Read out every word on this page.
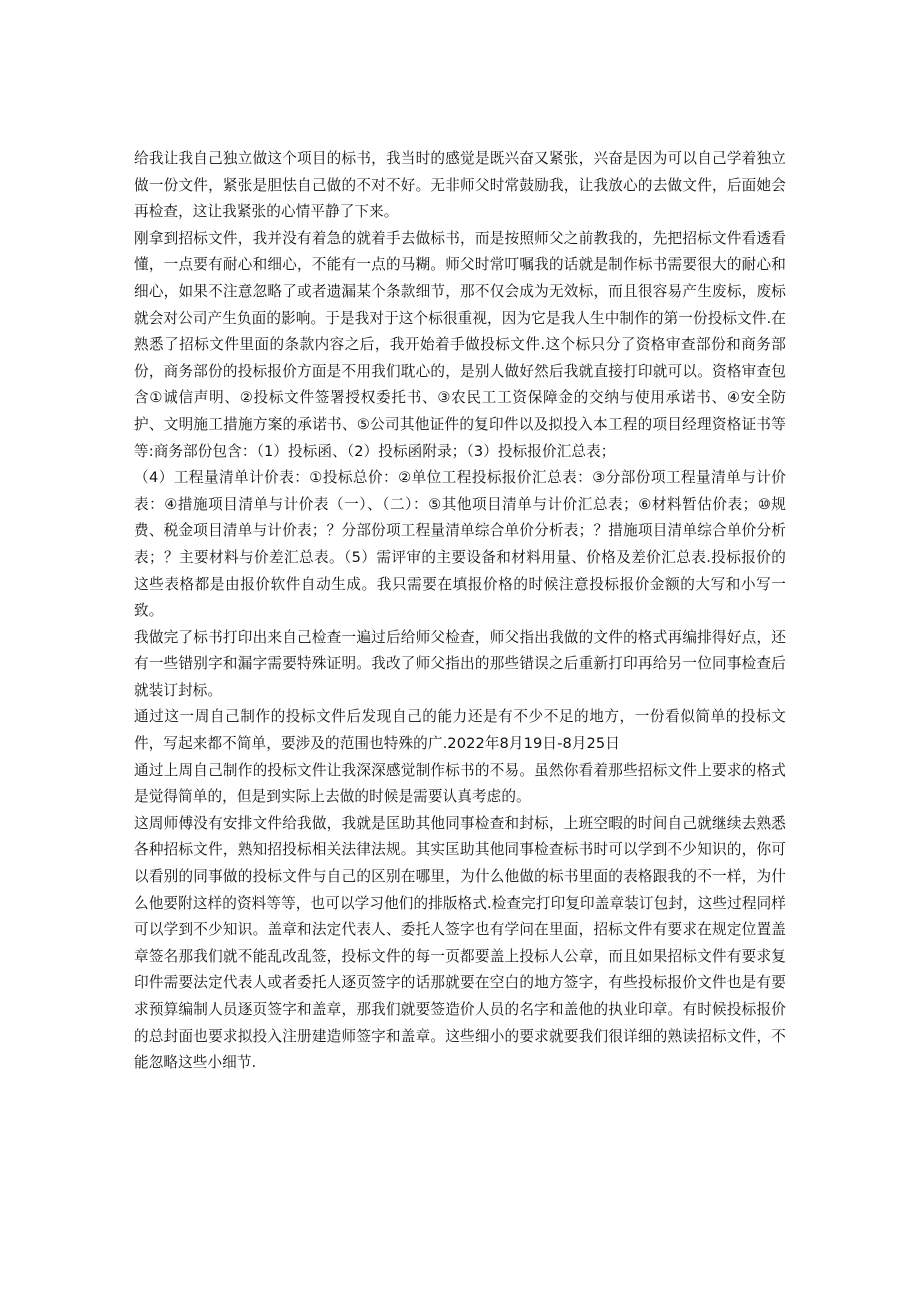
给我让我自己独立做这个项目的标书，我当时的感觉是既兴奋又紧张，兴奋是因为可以自己学着独立做一份文件，紧张是胆怯自己做的不对不好。无非师父时常鼓励我，让我放心的去做文件，后面她会再检查，这让我紧张的心情平静了下来。

刚拿到招标文件，我并没有着急的就着手去做标书，而是按照师父之前教我的，先把招标文件看透看懂，一点要有耐心和细心，不能有一点的马糊。师父时常叮嘱我的话就是制作标书需要很大的耐心和细心，如果不注意忽略了或者遗漏某个条款细节，那不仅会成为无效标，而且很容易产生废标，废标就会对公司产生负面的影响。于是我对于这个标很重视，因为它是我人生中制作的第一份投标文件.在熟悉了招标文件里面的条款内容之后，我开始着手做投标文件.这个标只分了资格审查部份和商务部份，商务部份的投标报价方面是不用我们耽心的，是别人做好然后我就直接打印就可以。资格审查包含①诚信声明、②投标文件签署授权委托书、③农民工工资保障金的交纳与使用承诺书、④安全防护、文明施工措施方案的承诺书、⑤公司其他证件的复印件以及拟投入本工程的项目经理资格证书等等:商务部份包含：（1）投标函、（2）投标函附录；（3）投标报价汇总表；

（4）工程量清单计价表：①投标总价：②单位工程投标报价汇总表：③分部份项工程量清单与计价表：④措施项目清单与计价表（一）、（二）：⑤其他项目清单与计价汇总表；⑥材料暂估价表；⑩规费、税金项目清单与计价表；？分部份项工程量清单综合单价分析表；？措施项目清单综合单价分析表；？主要材料与价差汇总表。（5）需评审的主要设备和材料用量、价格及差价汇总表.投标报价的这些表格都是由报价软件自动生成。我只需要在填报价格的时候注意投标报价金额的大写和小写一致。

我做完了标书打印出来自己检查一遍过后给师父检查，师父指出我做的文件的格式再编排得好点，还有一些错别字和漏字需要特殊证明。我改了师父指出的那些错误之后重新打印再给另一位同事检查后就装订封标。

通过这一周自己制作的投标文件后发现自己的能力还是有不少不足的地方，一份看似简单的投标文件，写起来都不简单，要涉及的范围也特殊的广.2022年8月19日-8月25日

通过上周自己制作的投标文件让我深深感觉制作标书的不易。虽然你看着那些招标文件上要求的格式是觉得简单的，但是到实际上去做的时候是需要认真考虑的。

这周师傅没有安排文件给我做，我就是匡助其他同事检查和封标，上班空暇的时间自己就继续去熟悉各种招标文件，熟知招投标相关法律法规。其实匡助其他同事检查标书时可以学到不少知识的，你可以看别的同事做的投标文件与自己的区别在哪里，为什么他做的标书里面的表格跟我的不一样，为什么他要附这样的资料等等，也可以学习他们的排版格式.检查完打印复印盖章装订包封，这些过程同样可以学到不少知识。盖章和法定代表人、委托人签字也有学问在里面，招标文件有要求在规定位置盖章签名那我们就不能乱改乱签，投标文件的每一页都要盖上投标人公章，而且如果招标文件有要求复印件需要法定代表人或者委托人逐页签字的话那就要在空白的地方签字，有些投标报价文件也是有要求预算编制人员逐页签字和盖章，那我们就要签造价人员的名字和盖他的执业印章。有时候投标报价的总封面也要求拟投入注册建造师签字和盖章。这些细小的要求就要我们很详细的熟读招标文件，不能忽略这些小细节.
